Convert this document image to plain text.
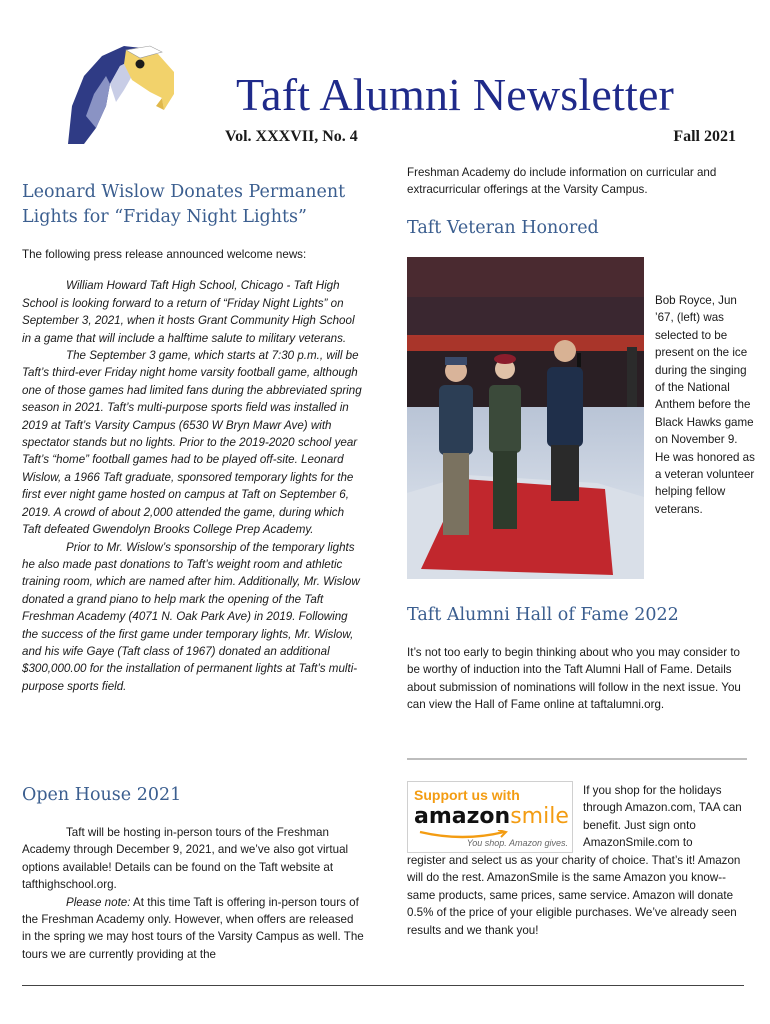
Taft Alumni Newsletter
Vol. XXXVII, No. 4	Fall 2021
Leonard Wislow Donates Permanent Lights for “Friday Night Lights”

The following press release announced welcome news:

William Howard Taft High School, Chicago - Taft High School is looking forward to a return of “Friday Night Lights” on September 3, 2021, when it hosts Grant Community High School in a game that will include a halftime salute to military veterans.

The September 3 game, which starts at 7:30 p.m., will be Taft’s third-ever Friday night home varsity football game, although one of those games had limited fans during the abbreviated spring season in 2021. Taft’s multi-purpose sports field was installed in 2019 at Taft’s Varsity Campus (6530 W Bryn Mawr Ave) with spectator stands but no lights. Prior to the 2019-2020 school year Taft’s “home” football games had to be played off-site. Leonard Wislow, a 1966 Taft graduate, sponsored temporary lights for the first ever night game hosted on campus at Taft on September 6, 2019. A crowd of about 2,000 attended the game, during which Taft defeated Gwendolyn Brooks College Prep Academy.

Prior to Mr. Wislow’s sponsorship of the temporary lights he also made past donations to Taft’s weight room and athletic training room, which are named after him. Additionally, Mr. Wislow donated a grand piano to help mark the opening of the Taft Freshman Academy (4071 N. Oak Park Ave) in 2019. Following the success of the first game under temporary lights, Mr. Wislow, and his wife Gaye (Taft class of 1967) donated an additional $300,000.00 for the installation of permanent lights at Taft’s multi-purpose sports field.

Open House 2021

Taft will be hosting in-person tours of the Freshman Academy through December 9, 2021, and we’ve also got virtual options available! Details can be found on the Taft website at tafthighschool.org.

Please note: At this time Taft is offering in-person tours of the Freshman Academy only. However, when offers are released in the spring we may host tours of the Varsity Campus as well. The tours we are currently providing at the

Freshman Academy do include information on curricular and extracurricular offerings at the Varsity Campus.
Taft Veteran Honored
Bob Royce, Jun ’67, (left) was selected to be present on the ice during the singing of the National Anthem before the Black Hawks game on November 9. He was honored as a veteran volunteer helping fellow veterans.
Taft Alumni Hall of Fame 2022
It’s not too early to begin thinking about who you may consider to be worthy of induction into the Taft Alumni Hall of Fame. Details about submission of nominations will follow in the next issue. You can view the Hall of Fame online at taftalumni.org.
Support us with
amazonsmile
You shop. Amazon gives.
If you shop for the holidays through Amazon.com, TAA can benefit. Just sign onto AmazonSmile.com to
register and select us as your charity of choice. That’s it! Amazon will do the rest. AmazonSmile is the same Amazon you know--same products, same prices, same service. Amazon will donate 0.5% of the price of your eligible purchases. We’ve already seen results and we thank you!
